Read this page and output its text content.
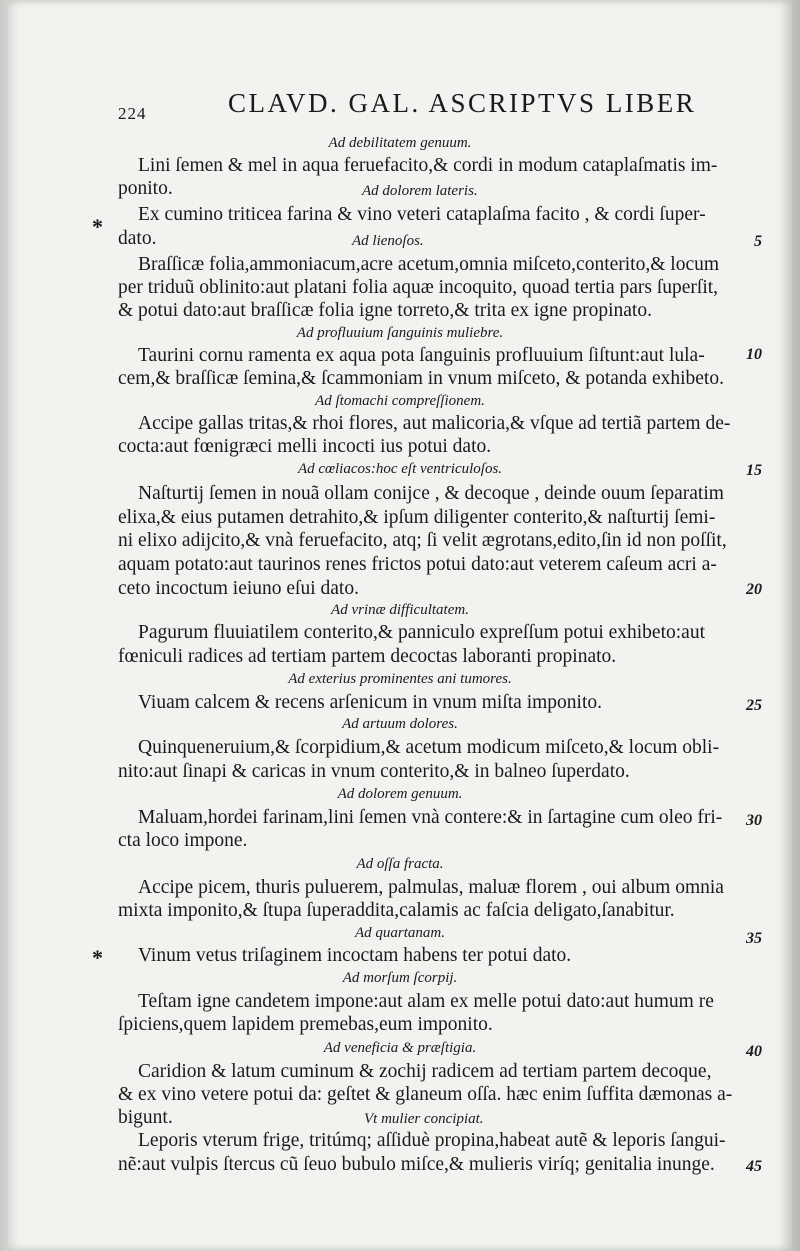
224	CLAVD. GAL. ASCRIPTVS LIBER
Ad debilitatem genuum.
Lini ſemen & mel in aqua feruefacito,& cordi in modum cataplaſmatis im-
ponito.	Ad dolorem lateris.
Ex cumino triticea farina & vino veteri cataplaſma facito , & cordi ſuper-
* dato.	Ad lienoſos.	5
Braſſicæ folia,ammoniacum,acre acetum,omnia miſceto,conterito,& locum
per triduũ oblinito:aut platani folia aquæ incoquito, quoad tertia pars ſuperſit,
& potui dato:aut braſſicæ folia igne torreto,& trita ex igne propinato.
Ad profluuium ſanguinis muliebre.
Taurini cornu ramenta ex aqua pota ſanguinis profluuium ſiſtunt:aut lula-	10
cem,& braſſicæ ſemina,& ſcammoniam in vnum miſceto, & potanda exhibeto.
Ad ſtomachi compreſſionem.
Accipe gallas tritas,& rhoi flores, aut malicoria,& vſque ad tertiã partem de-
cocta:aut fœnigræci melli incocti ius potui dato.
Ad cœliacos:hoc eſt ventriculoſos.	15
Naſturtij ſemen in nouã ollam conijce , & decoque , deinde ouum ſeparatim
elixa,& eius putamen detrahito,& ipſum diligenter conterito,& naſturtij ſemi-
ni elixo adijcito,& vnà feruefacito, atq; ſi velit ægrotans,edito,ſin id non poſſit,
aquam potato:aut taurinos renes frictos potui dato:aut veterem caſeum acri a-
ceto incoctum ieiuno eſui dato.	20
Ad vrinæ difficultatem.
Pagurum fluuiatilem conterito,& panniculo expreſſum potui exhibeto:aut
fœniculi radices ad tertiam partem decoctas laboranti propinato.
Ad exterius prominentes ani tumores.
Viuam calcem & recens arſenicum in vnum miſta imponito.	25
Ad artuum dolores.
Quinqueneruium,& ſcorpidium,& acetum modicum miſceto,& locum obli-
nito:aut ſinapi & caricas in vnum conterito,& in balneo ſuperdato.
Ad dolorem genuum.
Maluam,hordei farinam,lini ſemen vnà contere:& in ſartagine cum oleo fri-	30
cta loco impone.
Ad oſſa fracta.
Accipe picem, thuris puluerem, palmulas, maluæ florem , oui album omnia
mixta imponito,& ſtupa ſuperaddita,calamis ac faſcia deligato,ſanabitur.
Ad quartanam.	35
Vinum vetus triſaginem incoctam habens ter potui dato.
*
Ad morſum ſcorpij.
Teſtam igne candetem impone:aut alam ex melle potui dato:aut humum re
ſpiciens,quem lapidem premebas,eum imponito.
Ad veneficia & præſtigia.	40
Caridion & latum cuminum & zochij radicem ad tertiam partem decoque,
& ex vino vetere potui da: geſtet & glaneum oſſa. hæc enim ſuffita dæmonas a-
bigunt.	Vt mulier concipiat.
Leporis vterum frige, tritúmq; aſſiduè propina,habeat autẽ & leporis ſangui-
nẽ:aut vulpis ſtercus cũ ſeuo bubulo miſce,& mulieris viríq; genitalia inunge.	45
